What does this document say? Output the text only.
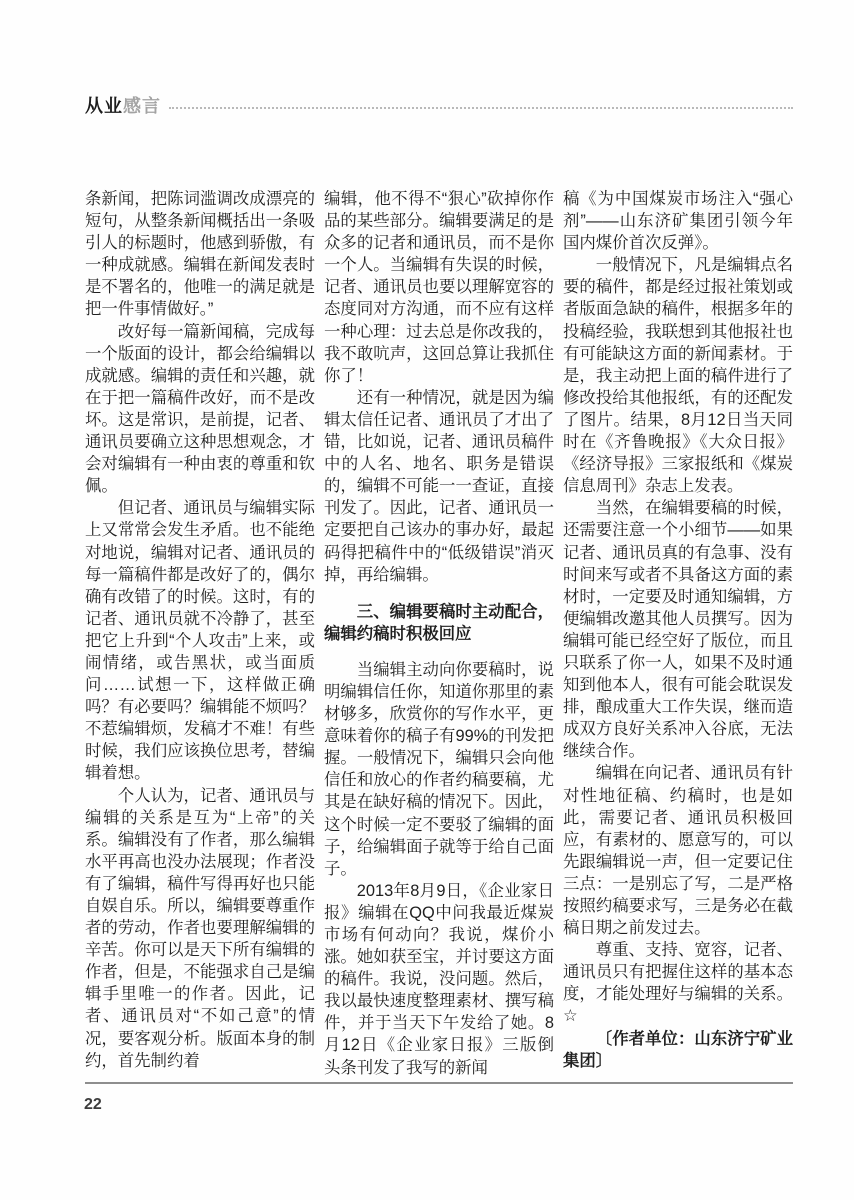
从业 感言

条新闻，把陈词滥调改成漂亮的短句，从整条新闻概括出一条吸引人的标题时，他感到骄傲，有一种成就感。编辑在新闻发表时是不署名的，他唯一的满足就是把一件事情做好。”

改好每一篇新闻稿，完成每一个版面的设计，都会给编辑以成就感。编辑的责任和兴趣，就在于把一篇稿件改好，而不是改坏。这是常识，是前提，记者、通讯员要确立这种思想观念，才会对编辑有一种由衷的尊重和钦佩。

但记者、通讯员与编辑实际上又常常会发生矛盾。也不能绝对地说，编辑对记者、通讯员的每一篇稿件都是改好了的，偶尔确有改错了的时候。这时，有的记者、通讯员就不冷静了，甚至把它上升到“个人攻击”上来，或闹情绪，或告黑状，或当面质问……试想一下，这样做正确吗？有必要吗？编辑能不烦吗？不惹编辑烦，发稿才不难！有些时候，我们应该换位思考，替编辑着想。

个人认为，记者、通讯员与编辑的关系是互为“上帝”的关系。编辑没有了作者，那么编辑水平再高也没办法展现；作者没有了编辑，稿件写得再好也只能自娱自乐。所以，编辑要尊重作者的劳动，作者也要理解编辑的辛苦。你可以是天下所有编辑的作者，但是，不能强求自己是编辑手里唯一的作者。因此，记者、通讯员对“不如己意”的情况，要客观分析。版面本身的制约，首先制约着

编辑，他不得不“狠心”砍掉你作品的某些部分。编辑要满足的是众多的记者和通讯员，而不是你一个人。当编辑有失误的时候，记者、通讯员也要以理解宽容的态度同对方沟通，而不应有这样一种心理：过去总是你改我的，我不敢吭声，这回总算让我抓住你了！

还有一种情况，就是因为编辑太信任记者、通讯员了才出了错，比如说，记者、通讯员稿件中的人名、地名、职务是错误的，编辑不可能一一查证，直接刊发了。因此，记者、通讯员一定要把自己该办的事办好，最起码得把稿件中的“低级错误”消灭掉，再给编辑。

三、编辑要稿时主动配合，编辑约稿时积极回应

当编辑主动向你要稿时，说明编辑信任你，知道你那里的素材够多，欣赏你的写作水平，更意味着你的稿子有99%的刊发把握。一般情况下，编辑只会向他信任和放心的作者约稿要稿，尤其是在缺好稿的情况下。因此，这个时候一定不要驳了编辑的面子，给编辑面子就等于给自己面子。

2013年8月9日，《企业家日报》编辑在QQ中问我最近煤炭市场有何动向？我说，煤价小涨。她如获至宝，并讨要这方面的稿件。我说，没问题。然后，我以最快速度整理素材、撰写稿件，并于当天下午发给了她。8月12日《企业家日报》三版倒头条刊发了我写的新闻

稿《为中国煤炭市场注入“强心剂”——山东济矿集团引领今年国内煤价首次反弹》。

一般情况下，凡是编辑点名要的稿件，都是经过报社策划或者版面急缺的稿件，根据多年的投稿经验，我联想到其他报社也有可能缺这方面的新闻素材。于是，我主动把上面的稿件进行了修改投给其他报纸，有的还配发了图片。结果，8月12日当天同时在《齐鲁晚报》《大众日报》《经济导报》三家报纸和《煤炭信息周刊》杂志上发表。

当然，在编辑要稿的时候，还需要注意一个小细节——如果记者、通讯员真的有急事、没有时间来写或者不具备这方面的素材时，一定要及时通知编辑，方便编辑改邀其他人员撰写。因为编辑可能已经空好了版位，而且只联系了你一人，如果不及时通知到他本人，很有可能会耽误发排，酿成重大工作失误，继而造成双方良好关系冲入谷底，无法继续合作。

编辑在向记者、通讯员有针对性地征稿、约稿时，也是如此，需要记者、通讯员积极回应，有素材的、愿意写的，可以先跟编辑说一声，但一定要记住三点：一是别忘了写，二是严格按照约稿要求写，三是务必在截稿日期之前发过去。

尊重、支持、宽容，记者、通讯员只有把握住这样的基本态度，才能处理好与编辑的关系。☆

〔作者单位：山东济宁矿业集团〕

22
